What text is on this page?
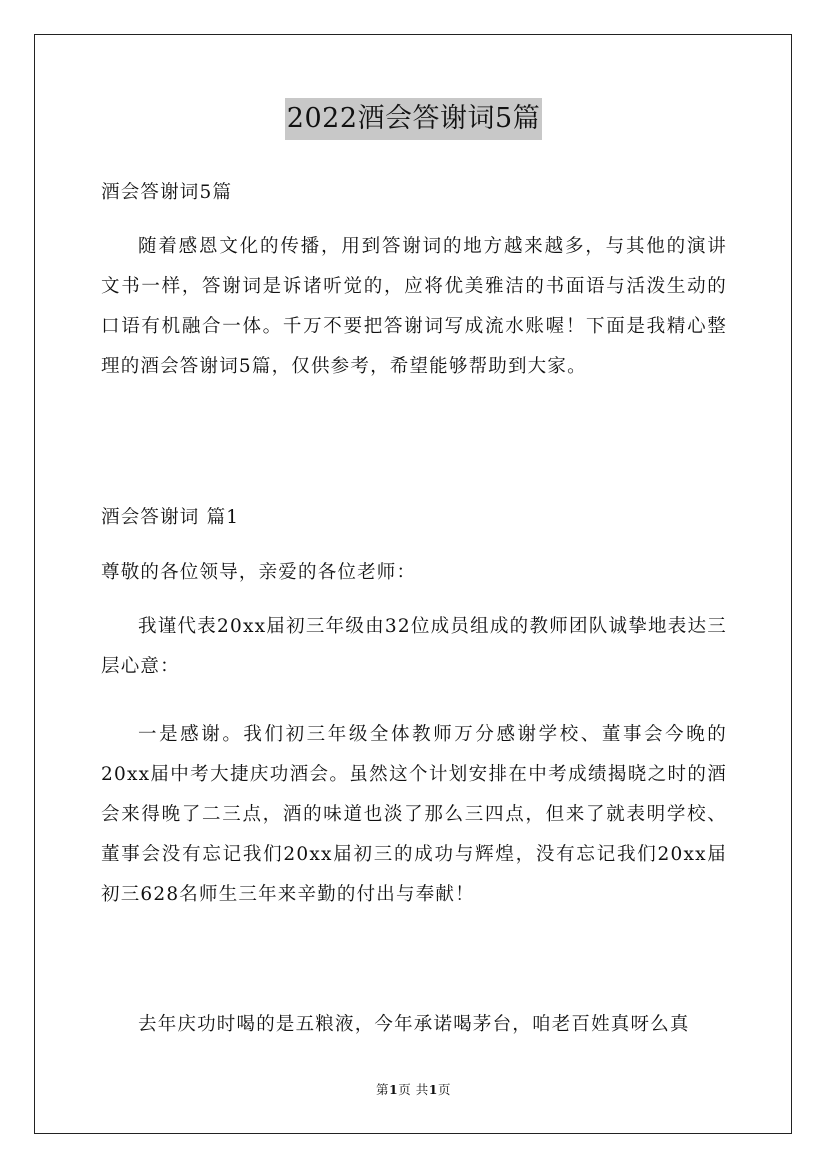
2022酒会答谢词5篇
酒会答谢词5篇
随着感恩文化的传播，用到答谢词的地方越来越多，与其他的演讲文书一样，答谢词是诉诸听觉的，应将优美雅洁的书面语与活泼生动的口语有机融合一体。千万不要把答谢词写成流水账喔！下面是我精心整理的酒会答谢词5篇，仅供参考，希望能够帮助到大家。
酒会答谢词 篇1
尊敬的各位领导，亲爱的各位老师：
我谨代表20xx届初三年级由32位成员组成的教师团队诚挚地表达三层心意：
一是感谢。我们初三年级全体教师万分感谢学校、董事会今晚的20xx届中考大捷庆功酒会。虽然这个计划安排在中考成绩揭晓之时的酒会来得晚了二三点，酒的味道也淡了那么三四点，但来了就表明学校、董事会没有忘记我们20xx届初三的成功与辉煌，没有忘记我们20xx届初三628名师生三年来辛勤的付出与奉献！
去年庆功时喝的是五粮液，今年承诺喝茅台，咱老百姓真呀么真
第1页 共1页
